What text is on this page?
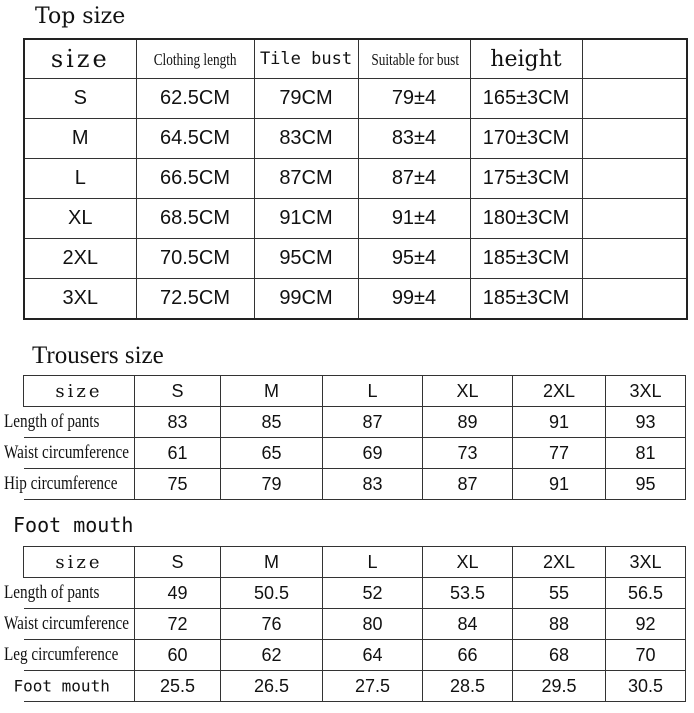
Top size
size	Clothing length	Tile bust	Suitable for bust	height	
S	62.5CM	79CM	79±4	165±3CM	
M	64.5CM	83CM	83±4	170±3CM	
L	66.5CM	87CM	87±4	175±3CM	
XL	68.5CM	91CM	91±4	180±3CM	
2XL	70.5CM	95CM	95±4	185±3CM	
3XL	72.5CM	99CM	99±4	185±3CM	
Trousers size
size	S	M	L	XL	2XL	3XL

Length of pants	83	85	87	89	91	93

Waist circumference	61	65	69	73	77	81

Hip circumference	75	79	83	87	91	95
Foot mouth
size	S	M	L	XL	2XL	3XL

Length of pants	49	50.5	52	53.5	55	56.5

Waist circumference	72	76	80	84	88	92

Leg circumference	60	62	64	66	68	70

Foot mouth	25.5	26.5	27.5	28.5	29.5	30.5
